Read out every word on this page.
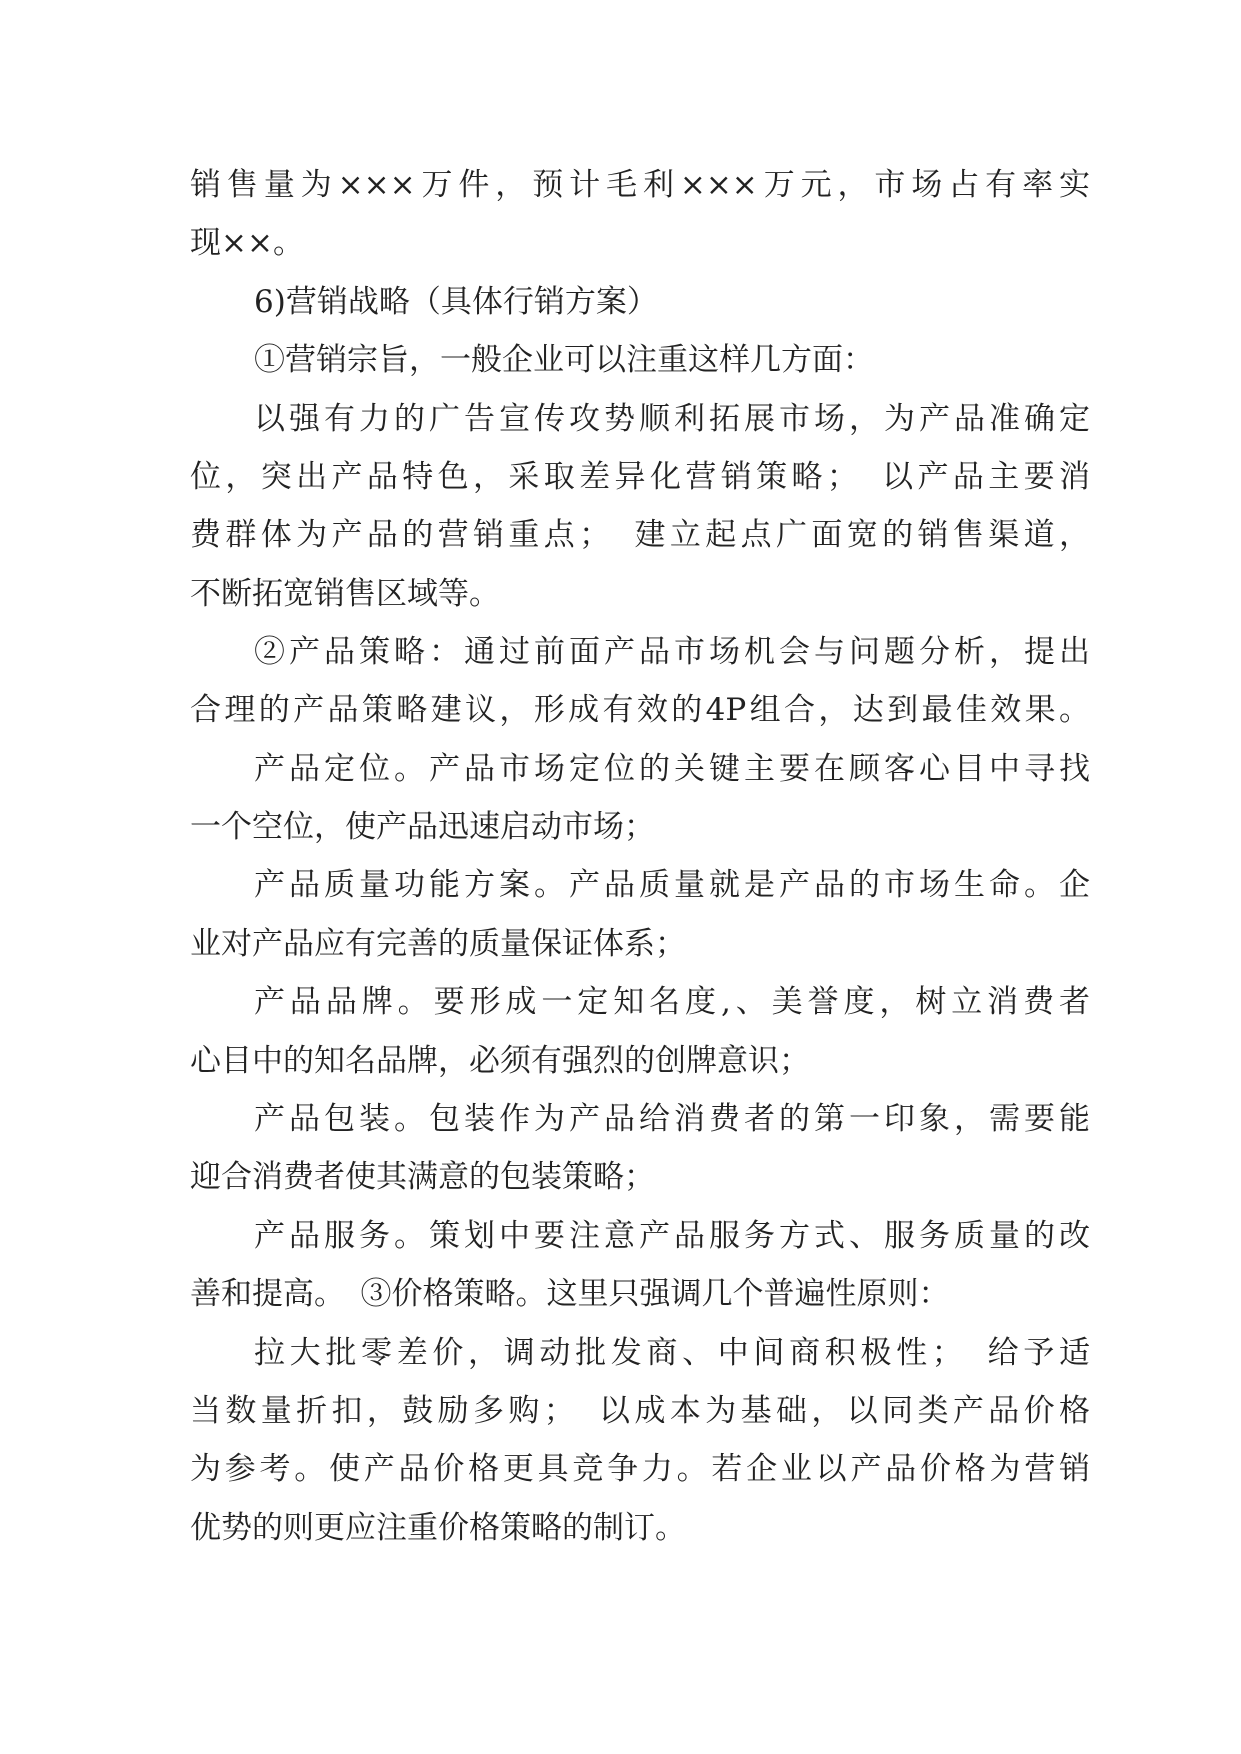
销售量为×××万件，预计毛利×××万元，市场占有率实
现××。
6)营销战略（具体行销方案）
①营销宗旨，一般企业可以注重这样几方面：
以强有力的广告宣传攻势顺利拓展市场，为产品准确定
位，突出产品特色，采取差异化营销策略；　以产品主要消
费群体为产品的营销重点；　建立起点广面宽的销售渠道，
不断拓宽销售区域等。
②产品策略：通过前面产品市场机会与问题分析，提出
合理的产品策略建议，形成有效的4P组合，达到最佳效果。
产品定位。产品市场定位的关键主要在顾客心目中寻找
一个空位，使产品迅速启动市场；
产品质量功能方案。产品质量就是产品的市场生命。企
业对产品应有完善的质量保证体系；
产品品牌。要形成一定知名度,、美誉度，树立消费者
心目中的知名品牌，必须有强烈的创牌意识；
产品包装。包装作为产品给消费者的第一印象，需要能
迎合消费者使其满意的包装策略；
产品服务。策划中要注意产品服务方式、服务质量的改
善和提高。　③价格策略。这里只强调几个普遍性原则：
拉大批零差价，调动批发商、中间商积极性；　给予适
当数量折扣，鼓励多购；　以成本为基础，以同类产品价格
为参考。使产品价格更具竞争力。若企业以产品价格为营销
优势的则更应注重价格策略的制订。
